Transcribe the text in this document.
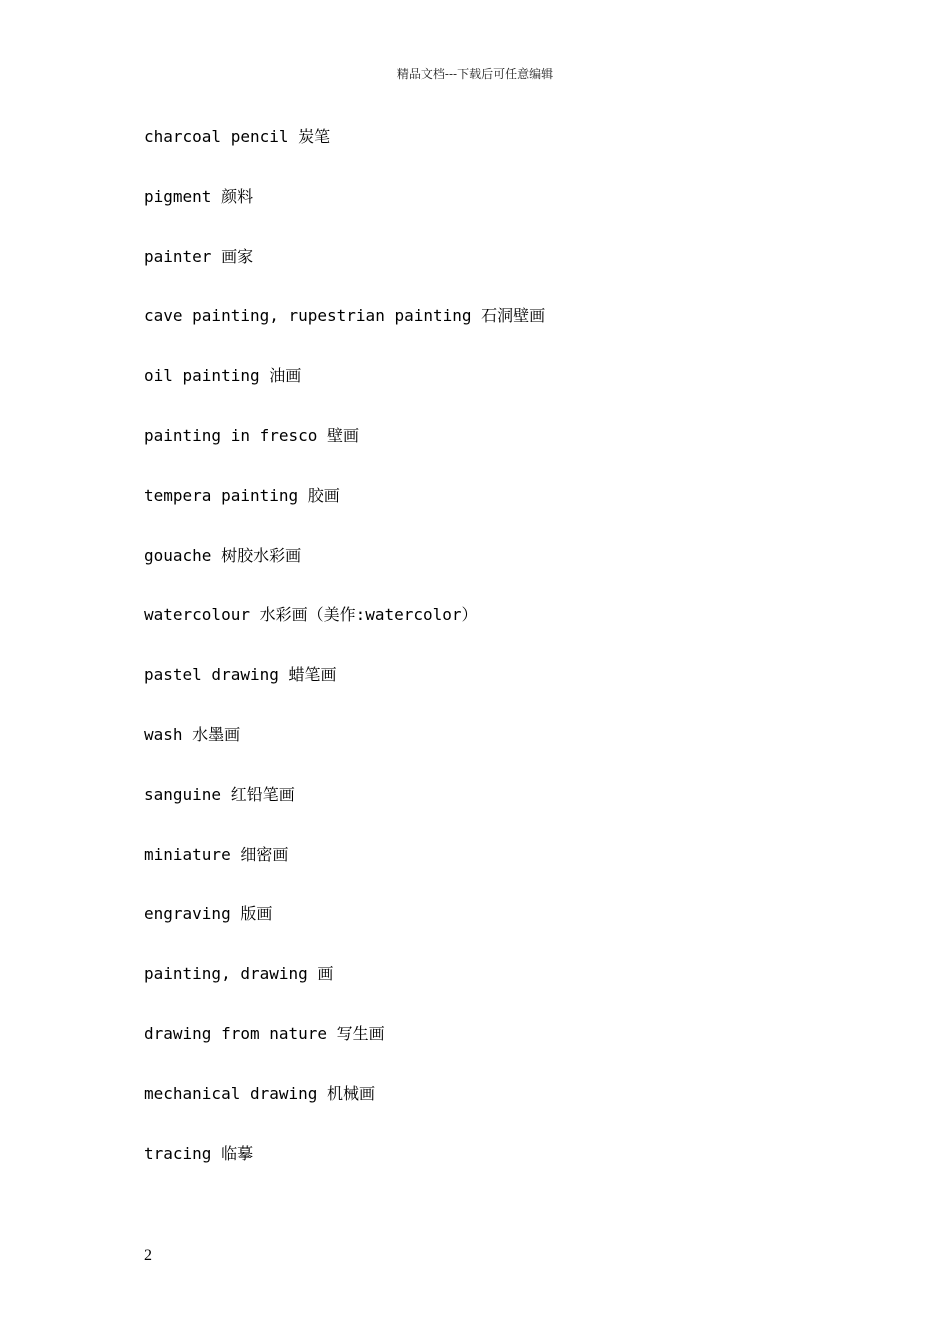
精品文档---下载后可任意编辑
charcoal pencil 炭笔
pigment 颜料
painter 画家
cave painting, rupestrian painting 石洞壁画
oil painting 油画
painting in fresco 壁画
tempera painting 胶画
gouache 树胶水彩画
watercolour 水彩画（美作:watercolor）
pastel drawing 蜡笔画
wash 水墨画
sanguine 红铅笔画
miniature 细密画
engraving 版画
painting, drawing 画
drawing from nature 写生画
mechanical drawing 机械画
tracing 临摹
2
